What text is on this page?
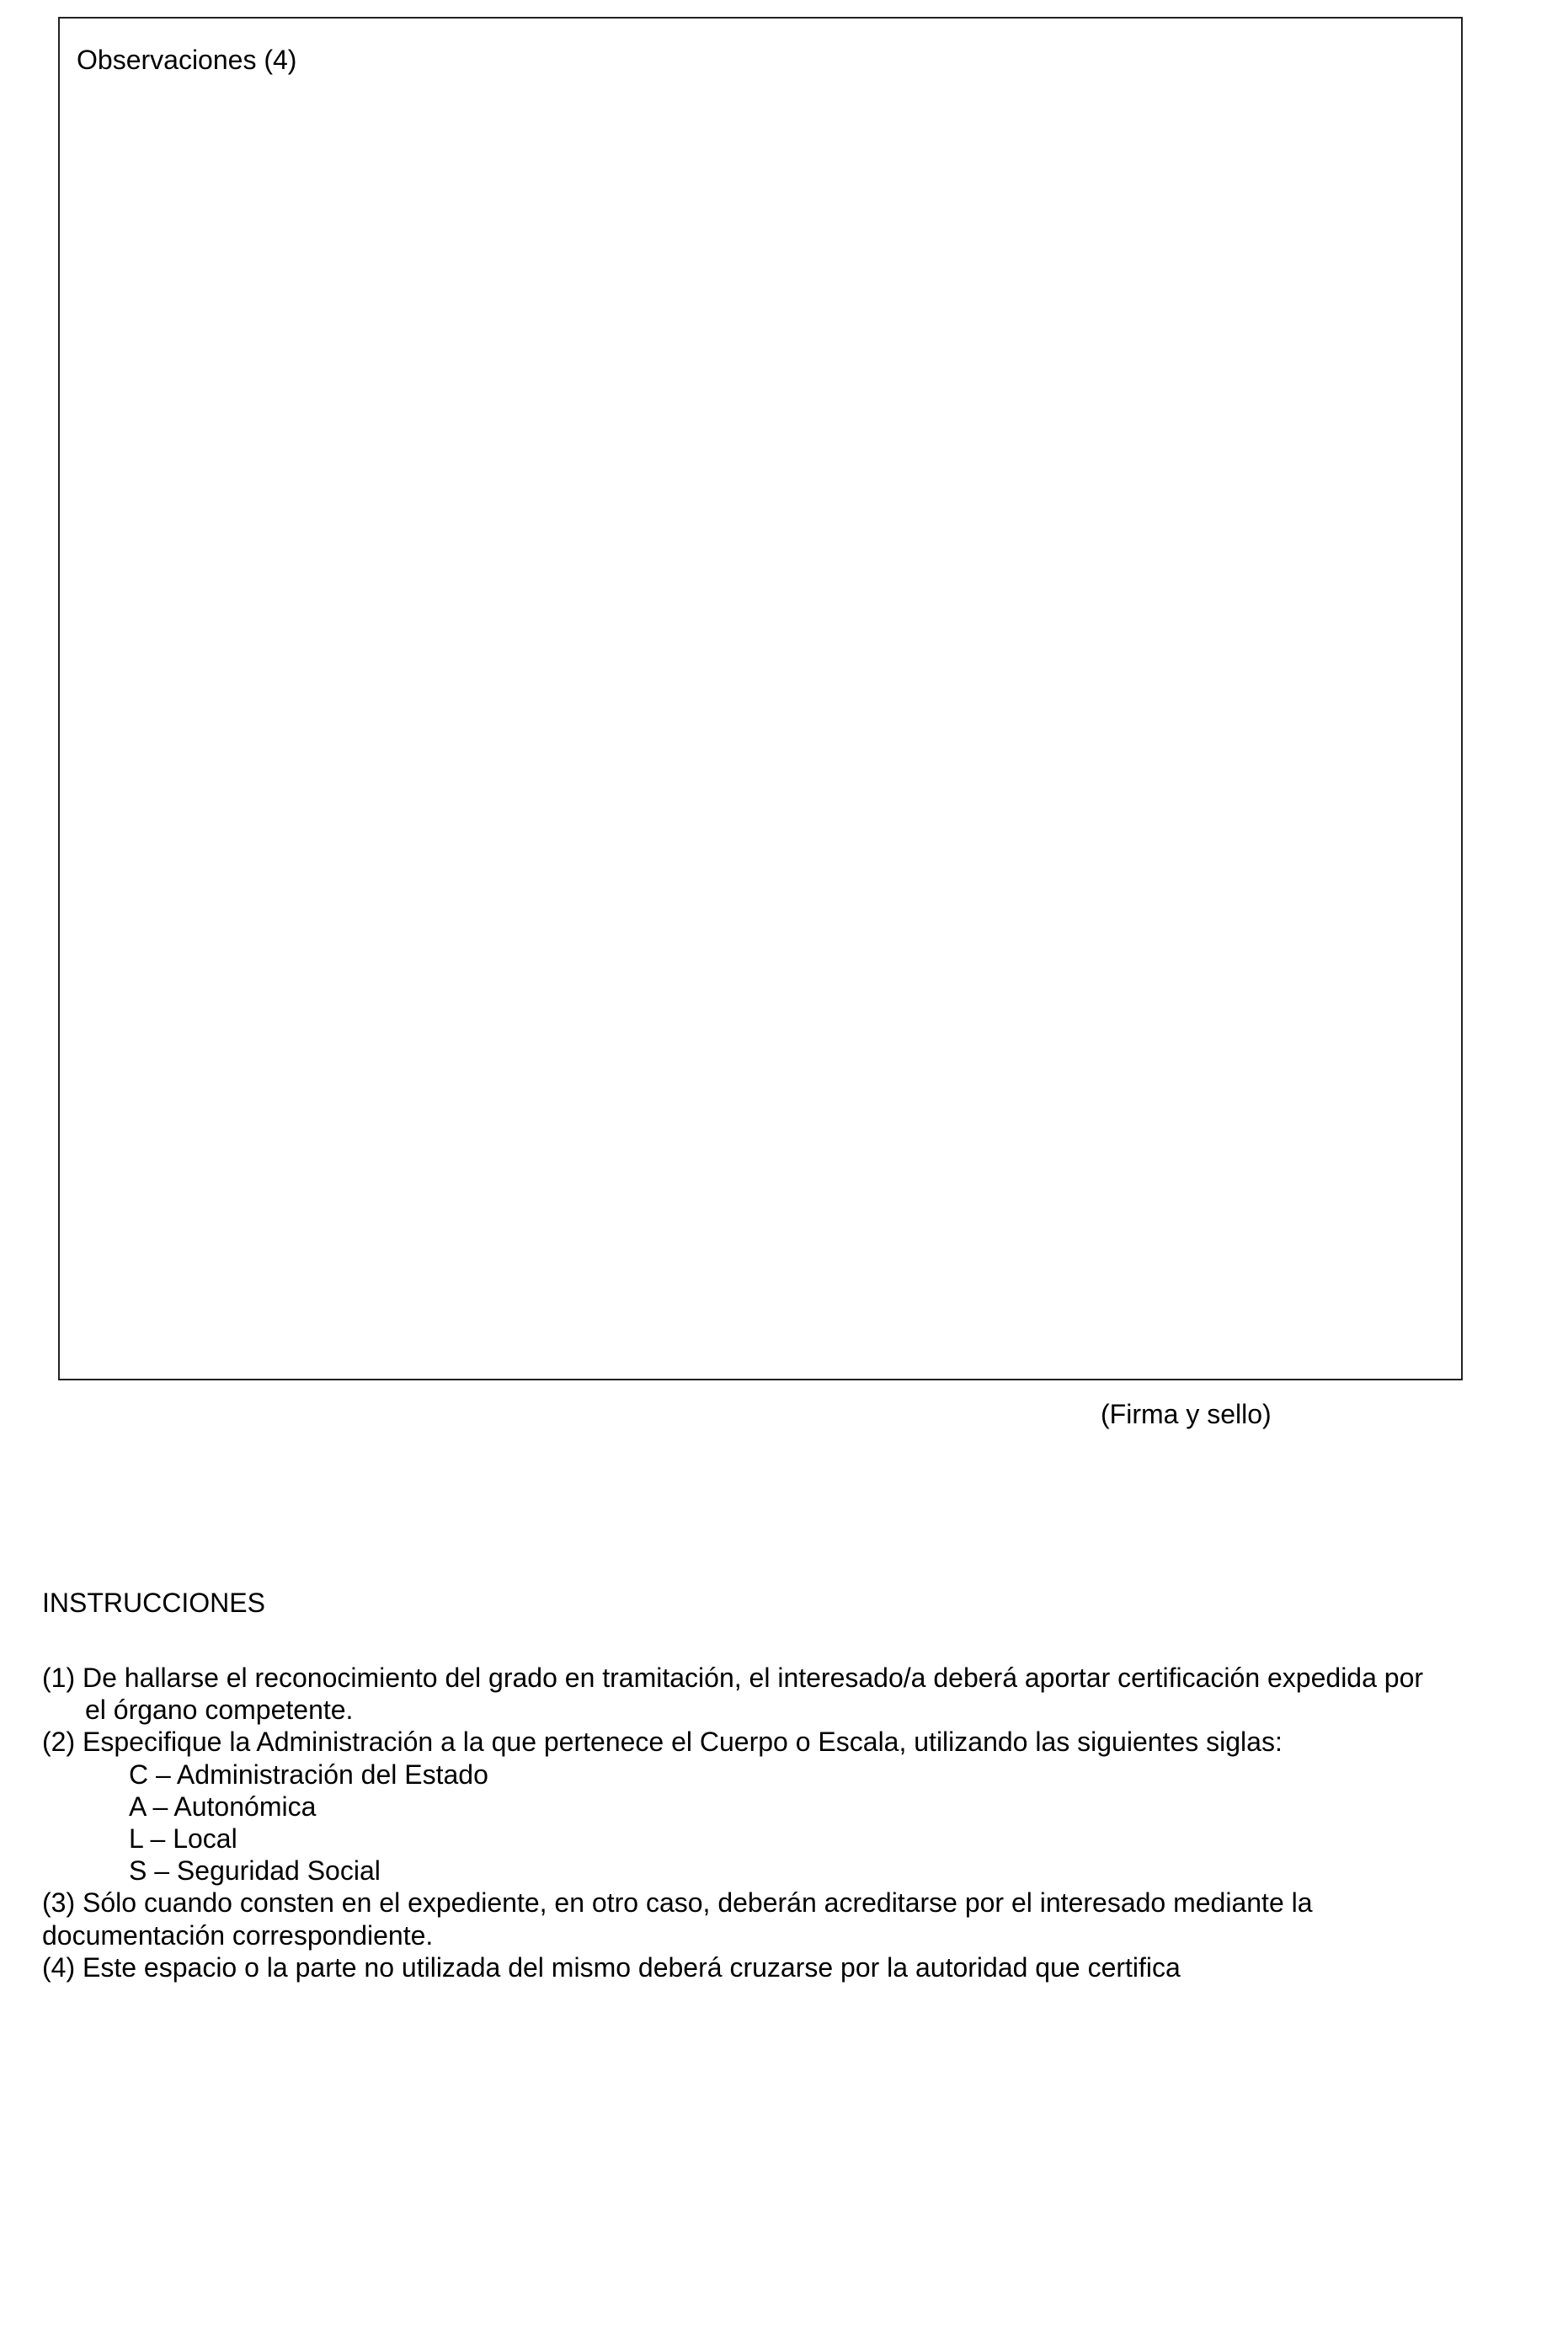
Observaciones (4)
(Firma y sello)
INSTRUCCIONES
(1) De hallarse el reconocimiento del grado en tramitación, el interesado/a deberá aportar certificación expedida por
el órgano competente.
(2) Especifique la Administración a la que pertenece el Cuerpo o Escala, utilizando las siguientes siglas:
C – Administración del Estado
A – Autonómica
L – Local
S – Seguridad Social
(3) Sólo cuando consten en el expediente, en otro caso, deberán acreditarse por el interesado mediante la
documentación correspondiente.
(4) Este espacio o la parte no utilizada del mismo deberá cruzarse por la autoridad que certifica
